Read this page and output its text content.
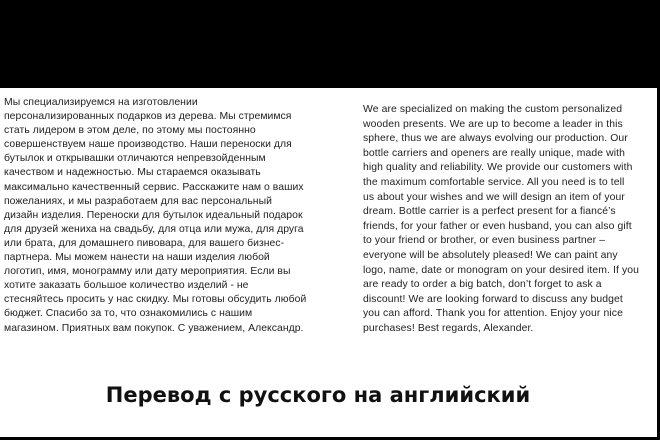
Мы специализируемся на изготовлении
персонализированных подарков из дерева. Мы стремимся
стать лидером в этом деле, по этому мы постоянно
совершенствуем наше производство. Наши переноски для
бутылок и открывашки отличаются непревзойденным
качеством и надежностью. Мы стараемся оказывать
максимально качественный сервис. Расскажите нам о ваших
пожеланиях, и мы разработаем для вас персональный
дизайн изделия. Переноски для бутылок идеальный подарок
для друзей жениха на свадьбу, для отца или мужа, для друга
или брата, для домашнего пивовара, для вашего бизнес-
партнера. Мы можем нанести на наши изделия любой
логотип, имя, монограмму или дату мероприятия. Если вы
хотите заказать большое количество изделий - не
стесняйтесь просить у нас скидку. Мы готовы обсудить любой
бюджет. Спасибо за то, что ознакомились с нашим
магазином. Приятных вам покупок. С уважением, Александр.

We are specialized on making the custom personalized
wooden presents. We are up to become a leader in this
sphere, thus we are always evolving our production. Our
bottle carriers and openers are really unique, made with
high quality and reliability. We provide our customers with
the maximum comfortable service. All you need is to tell
us about your wishes and we will design an item of your
dream. Bottle carrier is a perfect present for a fiancé’s
friends, for your father or even husband, you can also gift
to your friend or brother, or even business partner –
everyone will be absolutely pleased! We can paint any
logo, name, date or monogram on your desired item. If you
are ready to order a big batch, don’t forget to ask a
discount! We are looking forward to discuss any budget
you can afford. Thank you for attention. Enjoy your nice
purchases! Best regards, Alexander.

Перевод с русского на английский
